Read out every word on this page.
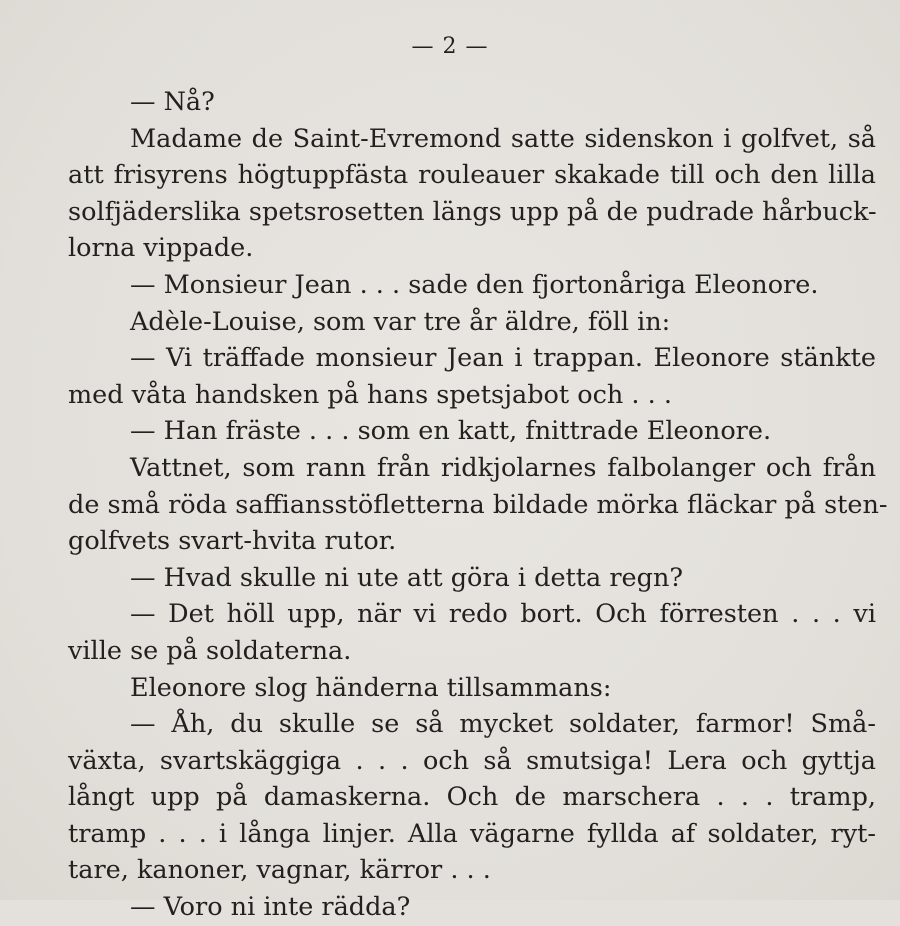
— 2 —
— Nå?
Madame de Saint-Evremond satte sidenskon i golfvet, så
att frisyrens högtuppfästa rouleauer skakade till och den lilla
solfjäderslika spetsrosetten längs upp på de pudrade hårbuck-
lorna vippade.
— Monsieur Jean . . . sade den fjortonåriga Eleonore.
Adèle-Louise, som var tre år äldre, föll in:
— Vi träffade monsieur Jean i trappan. Eleonore stänkte
med våta handsken på hans spetsjabot och . . .
— Han fräste . . . som en katt, fnittrade Eleonore.
Vattnet, som rann från ridkjolarnes falbolanger och från
de små röda saffiansstöfletterna bildade mörka fläckar på sten-
golfvets svart-hvita rutor.
— Hvad skulle ni ute att göra i detta regn?
— Det höll upp, när vi redo bort. Och förresten . . . vi
ville se på soldaterna.
Eleonore slog händerna tillsammans:
— Åh, du skulle se så mycket soldater, farmor! Små-
växta, svartskäggiga . . . och så smutsiga! Lera och gyttja
långt upp på damaskerna. Och de marschera . . . tramp,
tramp . . . i långa linjer. Alla vägarne fyllda af soldater, ryt-
tare, kanoner, vagnar, kärror . . .
— Voro ni inte rädda?
